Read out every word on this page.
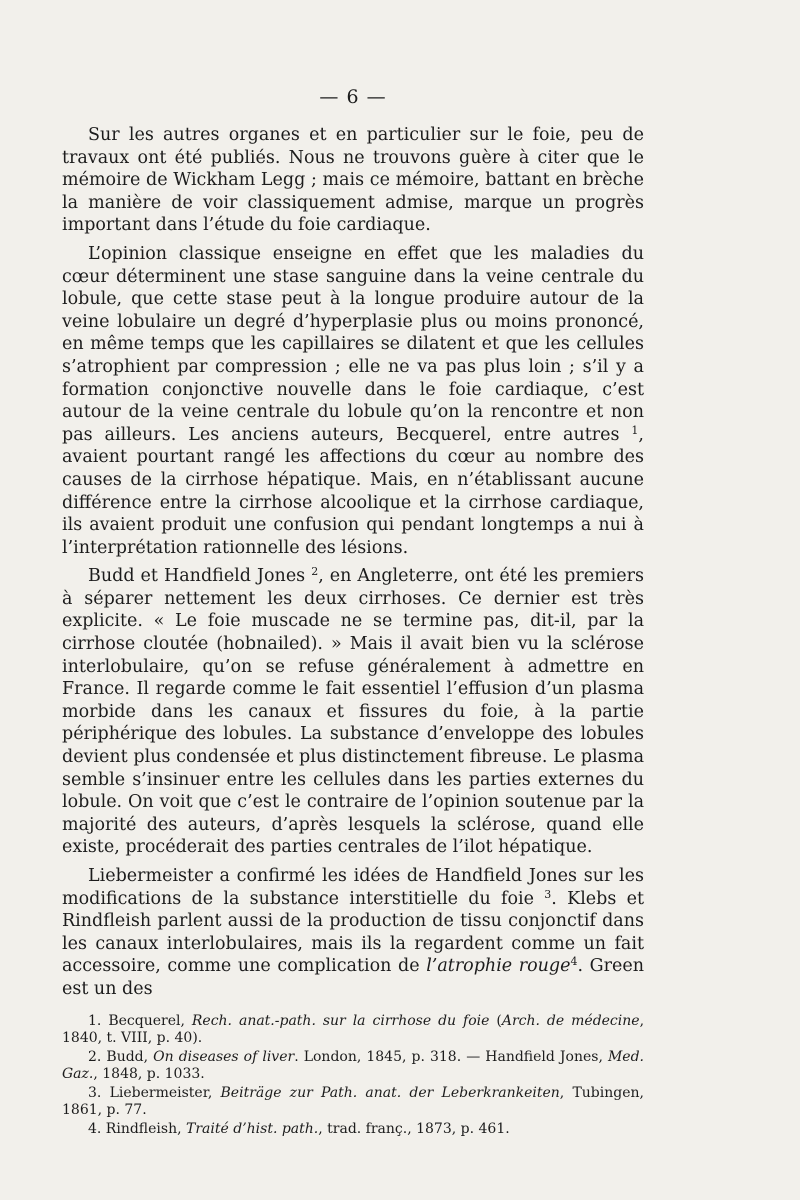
— 6 —

Sur les autres organes et en particulier sur le foie, peu de travaux ont été publiés. Nous ne trouvons guère à citer que le mémoire de Wickham Legg ; mais ce mémoire, battant en brèche la manière de voir classiquement admise, marque un progrès important dans l’étude du foie cardiaque.

L’opinion classique enseigne en effet que les maladies du cœur déterminent une stase sanguine dans la veine centrale du lobule, que cette stase peut à la longue produire autour de la veine lobulaire un degré d’hyperplasie plus ou moins prononcé, en même temps que les capillaires se dilatent et que les cellules s’atrophient par compression ; elle ne va pas plus loin ; s’il y a formation conjonctive nouvelle dans le foie cardiaque, c’est autour de la veine centrale du lobule qu’on la rencontre et non pas ailleurs. Les anciens auteurs, Becquerel, entre autres $^1$, avaient pourtant rangé les affections du cœur au nombre des causes de la cirrhose hépatique. Mais, en n’établissant aucune différence entre la cirrhose alcoolique et la cirrhose cardiaque, ils avaient produit une confusion qui pendant longtemps a nui à l’interprétation rationnelle des lésions.

Budd et Handfield Jones $^2$, en Angleterre, ont été les premiers à séparer nettement les deux cirrhoses. Ce dernier est très explicite. « Le foie muscade ne se termine pas, dit-il, par la cirrhose cloutée (hobnailed). » Mais il avait bien vu la sclérose interlobulaire, qu’on se refuse généralement à admettre en France. Il regarde comme le fait essentiel l’effusion d’un plasma morbide dans les canaux et fissures du foie, à la partie périphérique des lobules. La substance d’enveloppe des lobules devient plus condensée et plus distinctement fibreuse. Le plasma semble s’insinuer entre les cellules dans les parties externes du lobule. On voit que c’est le contraire de l’opinion soutenue par la majorité des auteurs, d’après lesquels la sclérose, quand elle existe, procéderait des parties centrales de l’ilot hépatique.

Liebermeister a confirmé les idées de Handfield Jones sur les modifications de la substance interstitielle du foie $^3$. Klebs et Rindfleish parlent aussi de la production de tissu conjonctif dans les canaux interlobulaires, mais ils la regardent comme un fait accessoire, comme une complication de l’atrophie rouge$^4$. Green est un des

1. Becquerel, Rech. anat.-path. sur la cirrhose du foie (Arch. de médecine, 1840, t. VIII, p. 40).

2. Budd, On diseases of liver. London, 1845, p. 318. — Handfield Jones, Med. Gaz., 1848, p. 1033.

3. Liebermeister, Beiträge zur Path. anat. der Leberkrankeiten, Tubingen, 1861, p. 77.

4. Rindfleish, Traité d’hist. path., trad. franç., 1873, p. 461.
